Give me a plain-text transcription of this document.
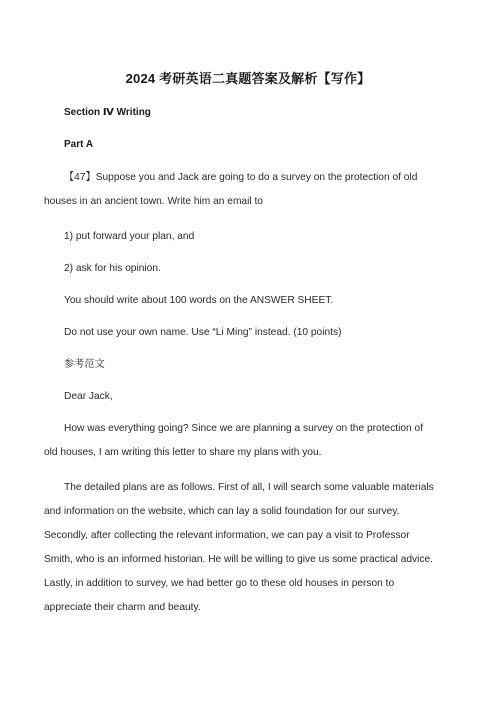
2024 考研英语二真题答案及解析【写作】
Section Ⅳ Writing
Part A
【47】Suppose you and Jack are going to do a survey on the protection of old
houses in an ancient town. Write him an email to
1) put forward your plan, and
2) ask for his opinion.
You should write about 100 words on the ANSWER SHEET.
Do not use your own name. Use “Li Ming” instead. (10 points)
参考范文
Dear Jack,
How was everything going? Since we are planning a survey on the protection of
old houses, I am writing this letter to share my plans with you.
The detailed plans are as follows. First of all, I will search some valuable materials
and information on the website, which can lay a solid foundation for our survey.
Secondly, after collecting the relevant information, we can pay a visit to Professor
Smith, who is an informed historian. He will be willing to give us some practical advice.
Lastly, in addition to survey, we had better go to these old houses in person to
appreciate their charm and beauty.
